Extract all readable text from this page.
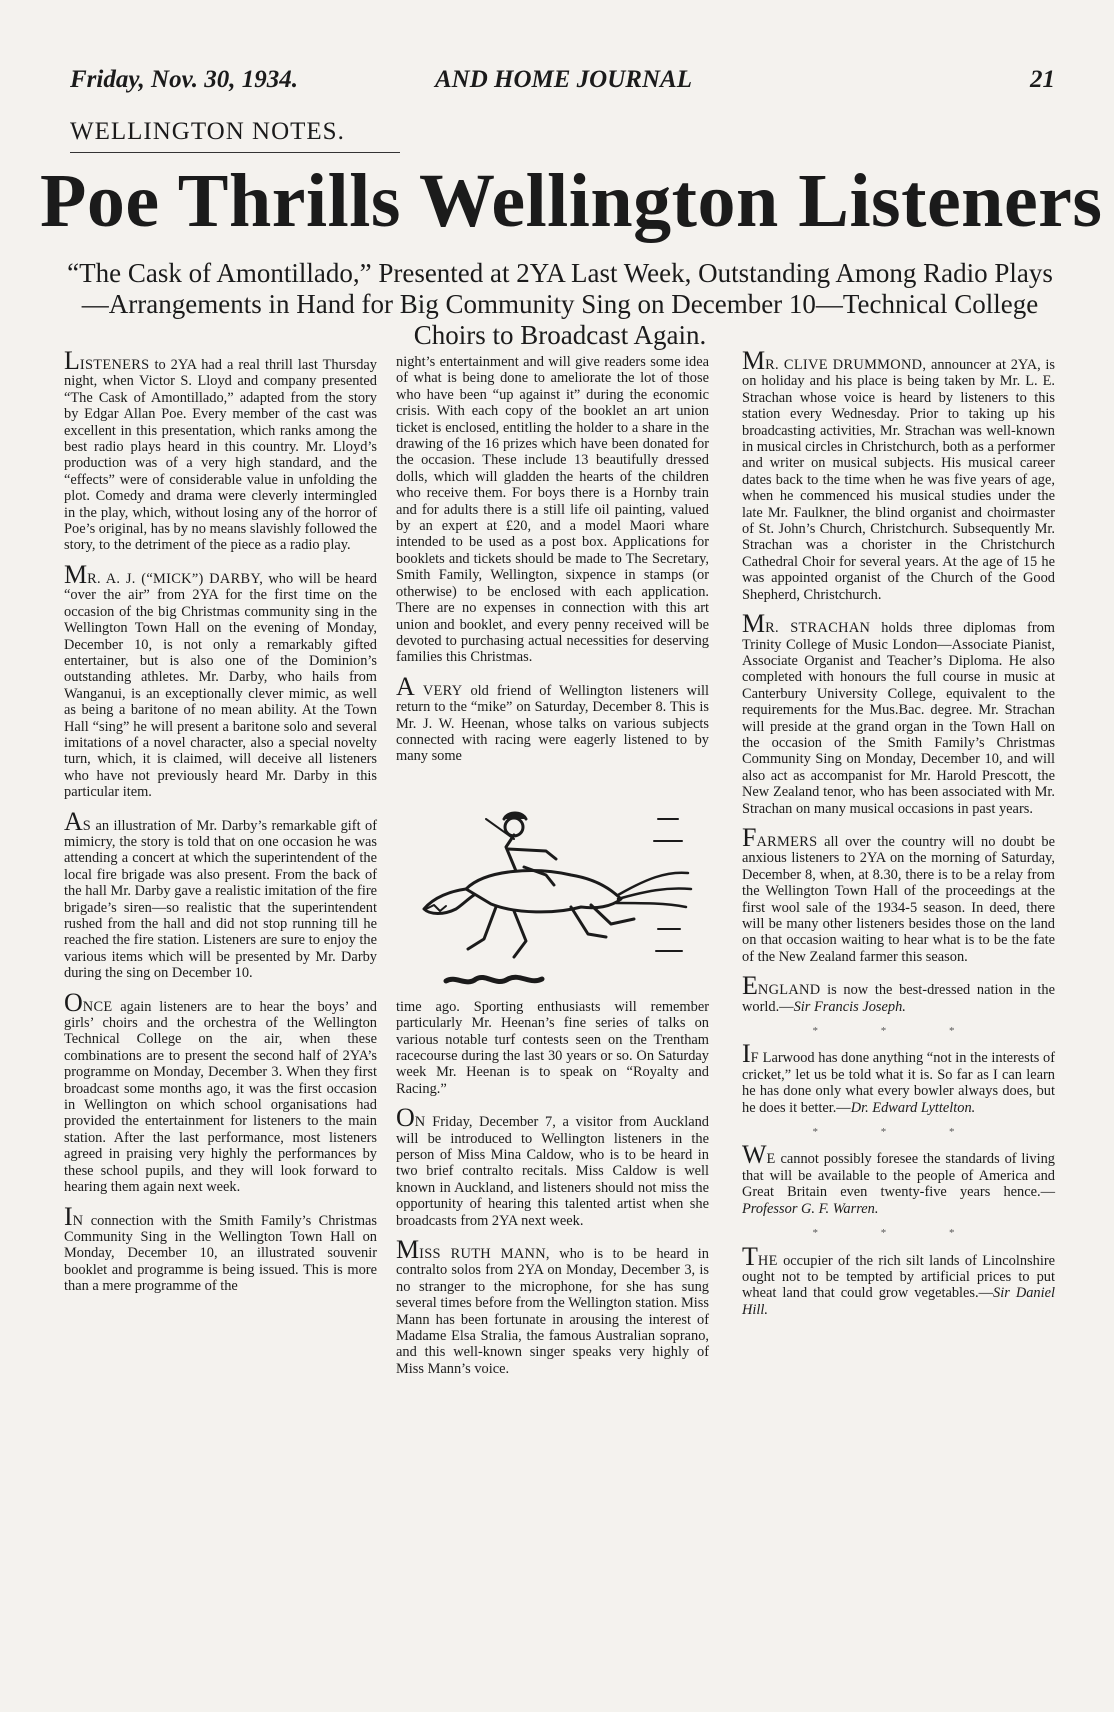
Friday, Nov. 30, 1934.	AND HOME JOURNAL	21
WELLINGTON NOTES.
Poe Thrills Wellington Listeners
“The Cask of Amontillado,” Presented at 2YA Last Week, Outstanding Among Radio Plays—Arrangements in Hand for Big Community Sing on December 10—Technical College Choirs to Broadcast Again.

LISTENERS to 2YA had a real thrill last Thursday night, when Victor S. Lloyd and company presented “The Cask of Amontillado,” adapted from the story by Edgar Allan Poe. Every member of the cast was excellent in this presentation, which ranks among the best radio plays heard in this country. Mr. Lloyd’s production was of a very high standard, and the “effects” were of considerable value in unfolding the plot. Comedy and drama were cleverly intermingled in the play, which, without losing any of the horror of Poe’s original, has by no means slavishly followed the story, to the detriment of the piece as a radio play.

MR. A. J. (“MICK”) DARBY, who will be heard “over the air” from 2YA for the first time on the occasion of the big Christmas community sing in the Wellington Town Hall on the evening of Monday, December 10, is not only a remarkably gifted entertainer, but is also one of the Dominion’s outstanding athletes. Mr. Darby, who hails from Wanganui, is an exceptionally clever mimic, as well as being a baritone of no mean ability. At the Town Hall “sing” he will present a baritone solo and several imitations of a novel character, also a special novelty turn, which, it is claimed, will deceive all listeners who have not previously heard Mr. Darby in this particular item.

AS an illustration of Mr. Darby’s remarkable gift of mimicry, the story is told that on one occasion he was attending a concert at which the superintendent of the local fire brigade was also present. From the back of the hall Mr. Darby gave a realistic imitation of the fire brigade’s siren—so realistic that the superintendent rushed from the hall and did not stop running till he reached the fire station. Listeners are sure to enjoy the various items which will be presented by Mr. Darby during the sing on December 10.

ONCE again listeners are to hear the boys’ and girls’ choirs and the orchestra of the Wellington Technical College on the air, when these combinations are to present the second half of 2YA’s programme on Monday, December 3. When they first broadcast some months ago, it was the first occasion in Wellington on which school organisations had provided the entertainment for listeners to the main station. After the last performance, most listeners agreed in praising very highly the performances by these school pupils, and they will look forward to hearing them again next week.

IN connection with the Smith Family’s Christmas Community Sing in the Wellington Town Hall on Monday, December 10, an illustrated souvenir booklet and programme is being issued. This is more than a mere programme of the

night’s entertainment and will give readers some idea of what is being done to ameliorate the lot of those who have been “up against it” during the economic crisis. With each copy of the booklet an art union ticket is enclosed, entitling the holder to a share in the drawing of the 16 prizes which have been donated for the occasion. These include 13 beautifully dressed dolls, which will gladden the hearts of the children who receive them. For boys there is a Hornby train and for adults there is a still life oil painting, valued by an expert at £20, and a model Maori whare intended to be used as a post box. Applications for booklets and tickets should be made to The Secretary, Smith Family, Wellington, sixpence in stamps (or otherwise) to be enclosed with each application. There are no expenses in connection with this art union and booklet, and every penny received will be devoted to purchasing actual necessities for deserving families this Christmas.

A VERY old friend of Wellington listeners will return to the “mike” on Saturday, December 8. This is Mr. J. W. Heenan, whose talks on various subjects connected with racing were eagerly listened to by many some

time ago. Sporting enthusiasts will remember particularly Mr. Heenan’s fine series of talks on various notable turf contests seen on the Trentham racecourse during the last 30 years or so. On Saturday week Mr. Heenan is to speak on “Royalty and Racing.”

ON Friday, December 7, a visitor from Auckland will be introduced to Wellington listeners in the person of Miss Mina Caldow, who is to be heard in two brief contralto recitals. Miss Caldow is well known in Auckland, and listeners should not miss the opportunity of hearing this talented artist when she broadcasts from 2YA next week.

MISS RUTH MANN, who is to be heard in contralto solos from 2YA on Monday, December 3, is no stranger to the microphone, for she has sung several times before from the Wellington station. Miss Mann has been fortunate in arousing the interest of Madame Elsa Stralia, the famous Australian soprano, and this well-known singer speaks very highly of Miss Mann’s voice.

MR. CLIVE DRUMMOND, announcer at 2YA, is on holiday and his place is being taken by Mr. L. E. Strachan whose voice is heard by listeners to this station every Wednesday. Prior to taking up his broadcasting activities, Mr. Strachan was well-known in musical circles in Christchurch, both as a performer and writer on musical subjects. His musical career dates back to the time when he was five years of age, when he commenced his musical studies under the late Mr. Faulkner, the blind organist and choirmaster of St. John’s Church, Christchurch. Subsequently Mr. Strachan was a chorister in the Christchurch Cathedral Choir for several years. At the age of 15 he was appointed organist of the Church of the Good Shepherd, Christchurch.

MR. STRACHAN holds three diplomas from Trinity College of Music London—Associate Pianist, Associate Organist and Teacher’s Diploma. He also completed with honours the full course in music at Canterbury University College, equivalent to the requirements for the Mus.Bac. degree. Mr. Strachan will preside at the grand organ in the Town Hall on the occasion of the Smith Family’s Christmas Community Sing on Monday, December 10, and will also act as accompanist for Mr. Harold Prescott, the New Zealand tenor, who has been associated with Mr. Strachan on many musical occasions in past years.

FARMERS all over the country will no doubt be anxious listeners to 2YA on the morning of Saturday, December 8, when, at 8.30, there is to be a relay from the Wellington Town Hall of the proceedings at the first wool sale of the 1934-5 season. In deed, there will be many other listeners besides those on the land on that occasion waiting to hear what is to be the fate of the New Zealand farmer this season.

ENGLAND is now the best-dressed nation in the world.—Sir Francis Joseph.

* * *

IF Larwood has done anything “not in the interests of cricket,” let us be told what it is. So far as I can learn he has done only what every bowler always does, but he does it better.—Dr. Edward Lyttelton.

* * *

WE cannot possibly foresee the standards of living that will be available to the people of America and Great Britain even twenty-five years hence.—Professor G. F. Warren.

* * *

THE occupier of the rich silt lands of Lincolnshire ought not to be tempted by artificial prices to put wheat land that could grow vegetables.—Sir Daniel Hill.
